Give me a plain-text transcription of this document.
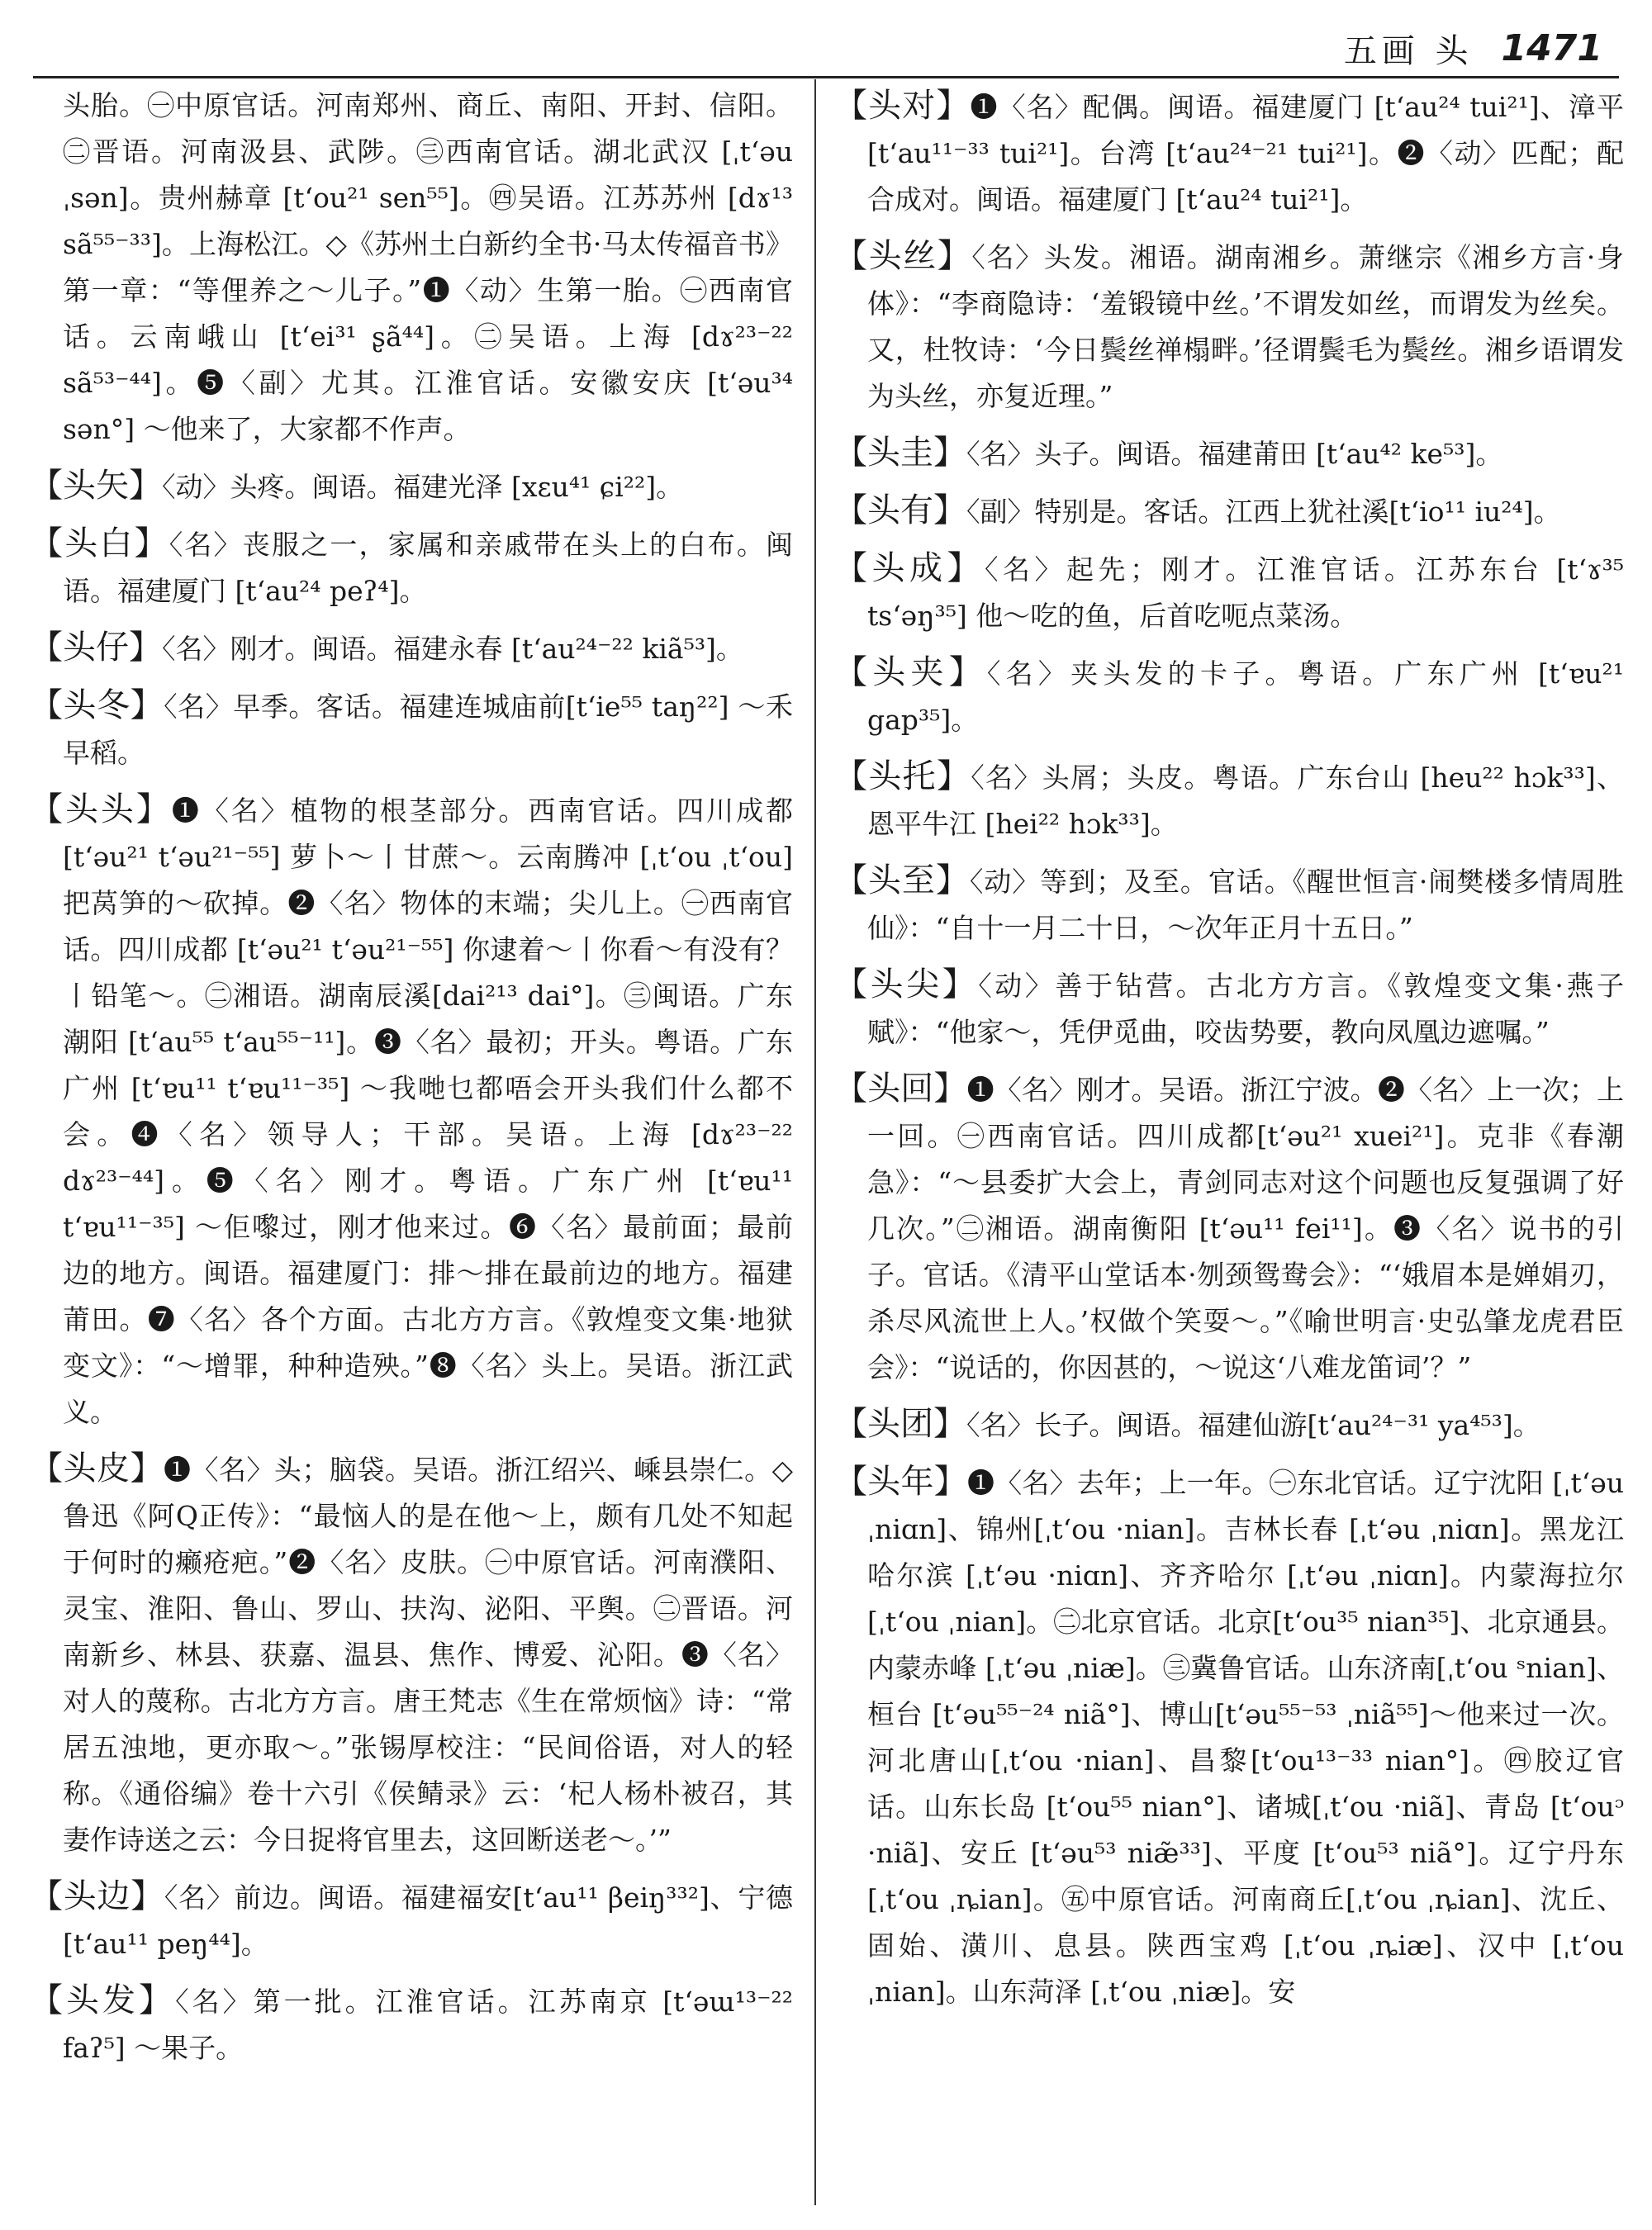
五画 头 1471

头胎。㊀中原官话。河南郑州、商丘、南阳、开封、信阳。㊁晋语。河南汲县、武陟。㊂西南官话。湖北武汉 [ˌtʻəu ˌsən]。贵州赫章 [tʻou²¹ sen⁵⁵]。㊃吴语。江苏苏州 [dɤ¹³ sã⁵⁵⁻³³]。上海松江。◇《苏州土白新约全书·马太传福音书》第一章：“等俚养之～儿子。”❶〈动〉生第一胎。㊀西南官话。云南峨山 [tʻei³¹ ʂã⁴⁴]。㊁吴语。上海 [dɤ²³⁻²² sã⁵³⁻⁴⁴]。❺〈副〉尤其。江淮官话。安徽安庆 [tʻəu³⁴ sən°] ～他来了，大家都不作声。

【头矢】〈动〉头疼。闽语。福建光泽 [xɛu⁴¹ ɕi²²]。

【头白】〈名〉丧服之一，家属和亲戚带在头上的白布。闽语。福建厦门 [tʻau²⁴ peʔ⁴]。

【头仔】〈名〉刚才。闽语。福建永春 [tʻau²⁴⁻²² kiã⁵³]。

【头冬】〈名〉早季。客话。福建连城庙前[tʻie⁵⁵ taŋ²²] ～禾早稻。

【头头】❶〈名〉植物的根茎部分。西南官话。四川成都 [tʻəu²¹ tʻəu²¹⁻⁵⁵] 萝卜～丨甘蔗～。云南腾冲 [ˌtʻou ˌtʻou] 把莴笋的～砍掉。❷〈名〉物体的末端；尖儿上。㊀西南官话。四川成都 [tʻəu²¹ tʻəu²¹⁻⁵⁵] 你逮着～丨你看～有没有？丨铅笔～。㊁湘语。湖南辰溪[dai²¹³ dai°]。㊂闽语。广东潮阳 [tʻau⁵⁵ tʻau⁵⁵⁻¹¹]。❸〈名〉最初；开头。粤语。广东广州 [tʻɐu¹¹ tʻɐu¹¹⁻³⁵] ～我哋乜都唔会开头我们什么都不会。❹〈名〉领导人；干部。吴语。上海 [dɤ²³⁻²² dɤ²³⁻⁴⁴]。❺〈名〉刚才。粤语。广东广州 [tʻɐu¹¹ tʻɐu¹¹⁻³⁵] ～佢嚟过，刚才他来过。❻〈名〉最前面；最前边的地方。闽语。福建厦门：排～排在最前边的地方。福建莆田。❼〈名〉各个方面。古北方方言。《敦煌变文集·地狱变文》：“～增罪，种种造殃。”❽〈名〉头上。吴语。浙江武义。

【头皮】❶〈名〉头；脑袋。吴语。浙江绍兴、嵊县崇仁。◇鲁迅《阿Q正传》：“最恼人的是在他～上，颇有几处不知起于何时的癞疮疤。”❷〈名〉皮肤。㊀中原官话。河南濮阳、灵宝、淮阳、鲁山、罗山、扶沟、泌阳、平舆。㊁晋语。河南新乡、林县、获嘉、温县、焦作、博爱、沁阳。❸〈名〉对人的蔑称。古北方方言。唐王梵志《生在常烦恼》诗：“常居五浊地，更亦取～。”张锡厚校注：“民间俗语，对人的轻称。《通俗编》卷十六引《侯鲭录》云：‘杞人杨朴被召，其妻作诗送之云：今日捉将官里去，这回断送老～。’”

【头边】〈名〉前边。闽语。福建福安[tʻau¹¹ βeiŋ³³²]、宁德 [tʻau¹¹ peŋ⁴⁴]。

【头发】〈名〉第一批。江淮官话。江苏南京 [tʻəɯ¹³⁻²² faʔ⁵] ～果子。

【头对】❶〈名〉配偶。闽语。福建厦门 [tʻau²⁴ tui²¹]、漳平 [tʻau¹¹⁻³³ tui²¹]。台湾 [tʻau²⁴⁻²¹ tui²¹]。❷〈动〉匹配；配合成对。闽语。福建厦门 [tʻau²⁴ tui²¹]。

【头丝】〈名〉头发。湘语。湖南湘乡。萧继宗《湘乡方言·身体》：“李商隐诗：‘羞锻镜中丝。’不谓发如丝，而谓发为丝矣。又，杜牧诗：‘今日鬓丝禅榻畔。’径谓鬓毛为鬓丝。湘乡语谓发为头丝，亦复近理。”

【头圭】〈名〉头子。闽语。福建莆田 [tʻau⁴² ke⁵³]。

【头有】〈副〉特别是。客话。江西上犹社溪[tʻio¹¹ iu²⁴]。

【头成】〈名〉起先；刚才。江淮官话。江苏东台 [tʻɤ³⁵ tsʻəŋ³⁵] 他～吃的鱼，后首吃呃点菜汤。

【头夹】〈名〉夹头发的卡子。粤语。广东广州 [tʻɐu²¹ gap³⁵]。

【头托】〈名〉头屑；头皮。粤语。广东台山 [heu²² hɔk³³]、恩平牛江 [hei²² hɔk³³]。

【头至】〈动〉等到；及至。官话。《醒世恒言·闹樊楼多情周胜仙》：“自十一月二十日，～次年正月十五日。”

【头尖】〈动〉善于钻营。古北方方言。《敦煌变文集·燕子赋》：“他家～，凭伊觅曲，咬齿势要，教向凤凰边遮嘱。”

【头回】❶〈名〉刚才。吴语。浙江宁波。❷〈名〉上一次；上一回。㊀西南官话。四川成都[tʻəu²¹ xuei²¹]。克非《春潮急》：“～县委扩大会上，青剑同志对这个问题也反复强调了好几次。”㊁湘语。湖南衡阳 [tʻəu¹¹ fei¹¹]。❸〈名〉说书的引子。官话。《清平山堂话本·刎颈鸳鸯会》：“‘娥眉本是婵娟刃，杀尽风流世上人。’权做个笑耍～。”《喻世明言·史弘肇龙虎君臣会》：“说话的，你因甚的，～说这‘八难龙笛词’？”

【头团】〈名〉长子。闽语。福建仙游[tʻau²⁴⁻³¹ ya⁴⁵³]。

【头年】❶〈名〉去年；上一年。㊀东北官话。辽宁沈阳 [ˌtʻəu ˌniɑn]、锦州[ˌtʻou ·nian]。吉林长春 [ˌtʻəu ˌniɑn]。黑龙江哈尔滨 [ˌtʻəu ·niɑn]、齐齐哈尔 [ˌtʻəu ˌniɑn]。内蒙海拉尔 [ˌtʻou ˌnian]。㊁北京官话。北京[tʻou³⁵ nian³⁵]、北京通县。内蒙赤峰 [ˌtʻəu ˌniæ]。㊂冀鲁官话。山东济南[ˌtʻou ˢnian]、桓台 [tʻəu⁵⁵⁻²⁴ niã°]、博山[tʻəu⁵⁵⁻⁵³ ˌniã⁵⁵]～他来过一次。河北唐山[ˌtʻou ·nian]、昌黎[tʻou¹³⁻³³ nian°]。㊃胶辽官话。山东长岛 [tʻou⁵⁵ nian°]、诸城[ˌtʻou ·niã]、青岛 [tʻouᵓ ·niã]、安丘 [tʻəu⁵³ niæ̃³³]、平度 [tʻou⁵³ niã°]。辽宁丹东 [ˌtʻou ˌȵian]。㊄中原官话。河南商丘[ˌtʻou ˌȵian]、沈丘、固始、潢川、息县。陕西宝鸡 [ˌtʻou ˌȵiæ]、汉中 [ˌtʻou ˌnian]。山东菏泽 [ˌtʻou ˌniæ]。安
